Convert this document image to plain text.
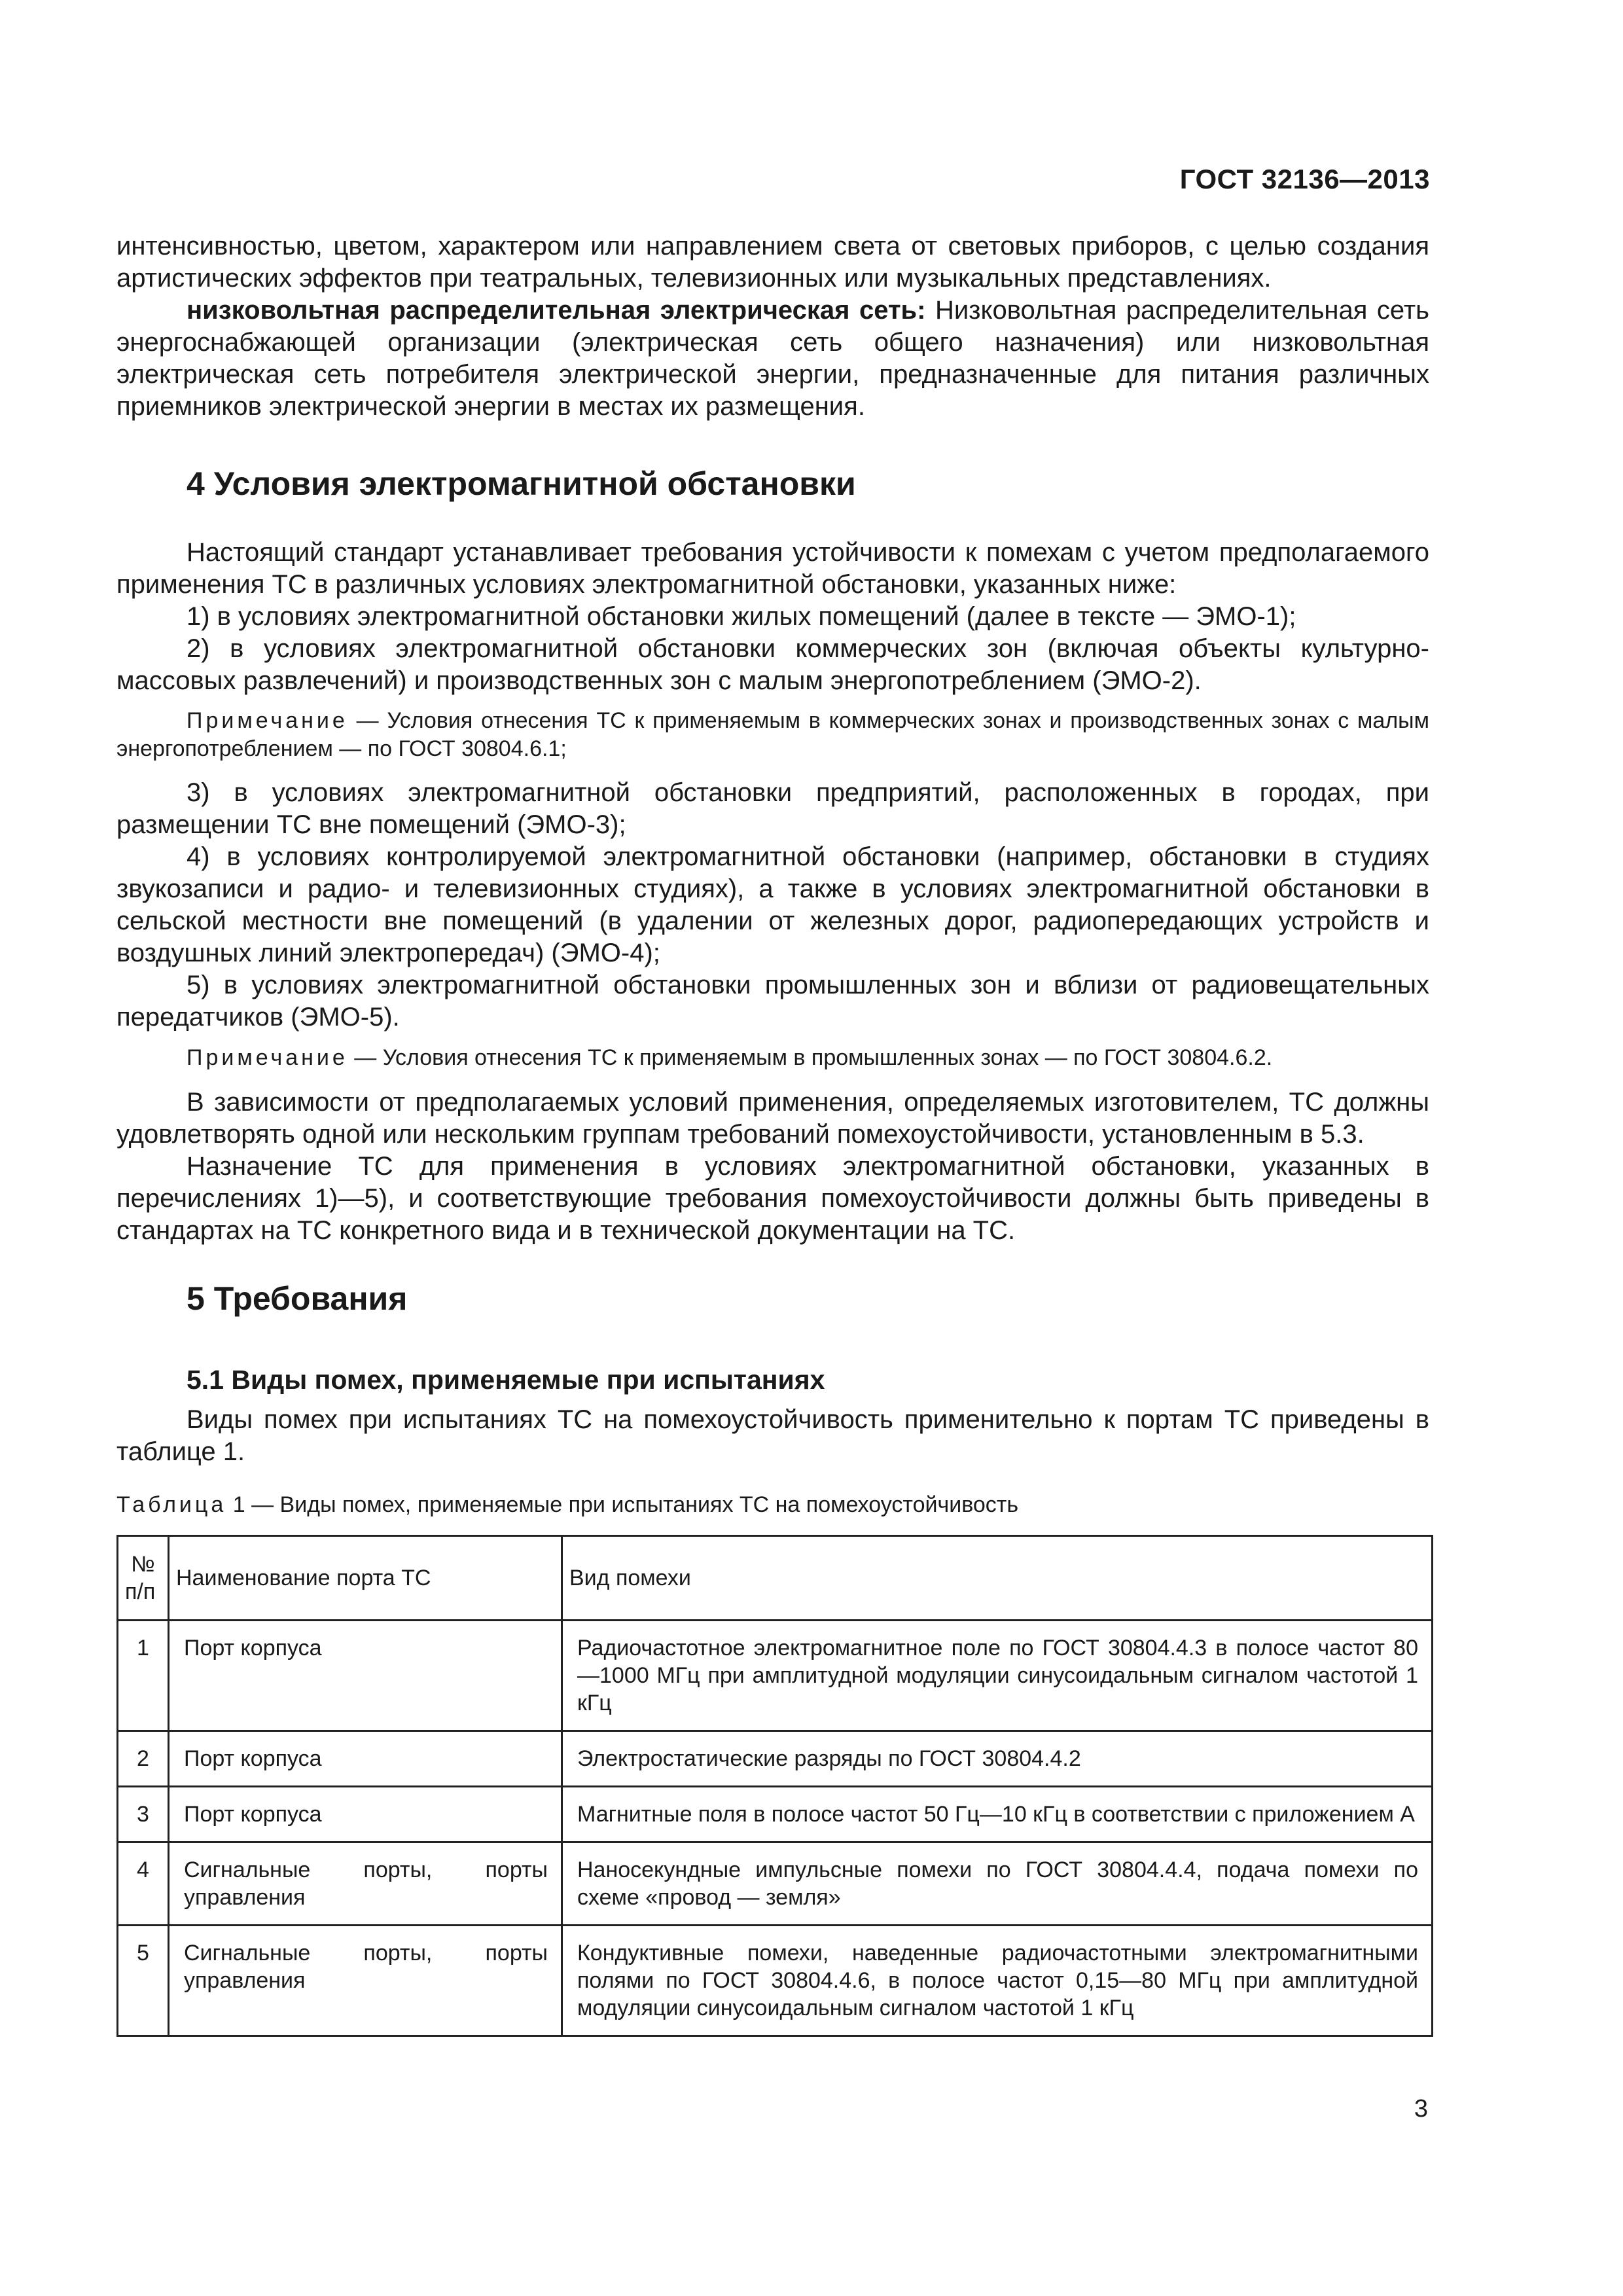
ГОСТ 32136—2013
интенсивностью, цветом, характером или направлением света от световых приборов, с целью создания артистических эффектов при театральных, телевизионных или музыкальных представлениях.
низковольтная распределительная электрическая сеть: Низковольтная распределительная сеть энергоснабжающей организации (электрическая сеть общего назначения) или низковольтная электрическая сеть потребителя электрической энергии, предназначенные для питания различных приемников электрической энергии в местах их размещения.
4 Условия электромагнитной обстановки
Настоящий стандарт устанавливает требования устойчивости к помехам с учетом предполагаемого применения ТС в различных условиях электромагнитной обстановки, указанных ниже:
1) в условиях электромагнитной обстановки жилых помещений (далее в тексте — ЭМО-1);
2) в условиях электромагнитной обстановки коммерческих зон (включая объекты культурно-массовых развлечений) и производственных зон с малым энергопотреблением (ЭМО-2).
Примечание — Условия отнесения ТС к применяемым в коммерческих зонах и производственных зонах с малым энергопотреблением — по ГОСТ 30804.6.1;
3) в условиях электромагнитной обстановки предприятий, расположенных в городах, при размещении ТС вне помещений (ЭМО-3);
4) в условиях контролируемой электромагнитной обстановки (например, обстановки в студиях звукозаписи и радио- и телевизионных студиях), а также в условиях электромагнитной обстановки в сельской местности вне помещений (в удалении от железных дорог, радиопередающих устройств и воздушных линий электропередач) (ЭМО-4);
5) в условиях электромагнитной обстановки промышленных зон и вблизи от радиовещательных передатчиков (ЭМО-5).
Примечание — Условия отнесения ТС к применяемым в промышленных зонах — по ГОСТ 30804.6.2.
В зависимости от предполагаемых условий применения, определяемых изготовителем, ТС должны удовлетворять одной или нескольким группам требований помехоустойчивости, установленным в 5.3.
Назначение ТС для применения в условиях электромагнитной обстановки, указанных в перечислениях 1)—5), и соответствующие требования помехоустойчивости должны быть приведены в стандартах на ТС конкретного вида и в технической документации на ТС.
5 Требования
5.1 Виды помех, применяемые при испытаниях
Виды помех при испытаниях ТС на помехоустойчивость применительно к портам ТС приведены в таблице 1.
Таблица 1 — Виды помех, применяемые при испытаниях ТС на помехоустойчивость
№ п/п	Наименование порта ТС	Вид помехи
1	Порт корпуса	Радиочастотное электромагнитное поле по ГОСТ 30804.4.3 в полосе частот 80—1000 МГц при амплитудной модуляции синусоидальным сигналом частотой 1 кГц
2	Порт корпуса	Электростатические разряды по ГОСТ 30804.4.2
3	Порт корпуса	Магнитные поля в полосе частот 50 Гц—10 кГц в соответствии с приложением А
4	Сигнальные порты, порты управления	Наносекундные импульсные помехи по ГОСТ 30804.4.4, подача помехи по схеме «провод — земля»
5	Сигнальные порты, порты управления	Кондуктивные помехи, наведенные радиочастотными электромагнитными полями по ГОСТ 30804.4.6, в полосе частот 0,15—80 МГц при амплитудной модуляции синусоидальным сигналом частотой 1 кГц
3
